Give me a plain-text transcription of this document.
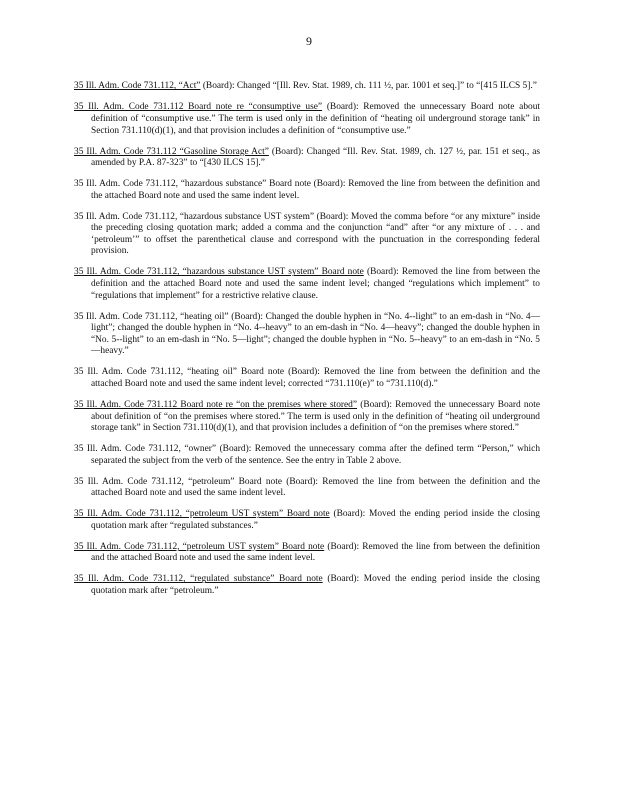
9

35 Ill. Adm. Code 731.112, “Act” (Board): Changed “[Ill. Rev. Stat. 1989, ch. 111 ½, par. 1001 et seq.]” to “[415 ILCS 5].”

35 Ill. Adm. Code 731.112 Board note re “consumptive use” (Board): Removed the unnecessary Board note about definition of “consumptive use.” The term is used only in the definition of “heating oil underground storage tank” in Section 731.110(d)(1), and that provision includes a definition of “consumptive use.”

35 Ill. Adm. Code 731.112 “Gasoline Storage Act” (Board): Changed “Ill. Rev. Stat. 1989, ch. 127 ½, par. 151 et seq., as amended by P.A. 87-323” to “[430 ILCS 15].”

35 Ill. Adm. Code 731.112, “hazardous substance” Board note (Board): Removed the line from between the definition and the attached Board note and used the same indent level.

35 Ill. Adm. Code 731.112, “hazardous substance UST system” (Board): Moved the comma before “or any mixture” inside the preceding closing quotation mark; added a comma and the conjunction “and” after “or any mixture of . . . and ‘petroleum’” to offset the parenthetical clause and correspond with the punctuation in the corresponding federal provision.

35 Ill. Adm. Code 731.112, “hazardous substance UST system” Board note (Board): Removed the line from between the definition and the attached Board note and used the same indent level; changed “regulations which implement” to “regulations that implement” for a restrictive relative clause.

35 Ill. Adm. Code 731.112, “heating oil” (Board): Changed the double hyphen in “No. 4--light” to an em-dash in “No. 4—light”; changed the double hyphen in “No. 4--heavy” to an em-dash in “No. 4—heavy”; changed the double hyphen in “No. 5--light” to an em-dash in “No. 5—light”; changed the double hyphen in “No. 5--heavy” to an em-dash in “No. 5—heavy.”

35 Ill. Adm. Code 731.112, “heating oil” Board note (Board): Removed the line from between the definition and the attached Board note and used the same indent level; corrected “731.110(e)” to “731.110(d).”

35 Ill. Adm. Code 731.112 Board note re “on the premises where stored” (Board): Removed the unnecessary Board note about definition of “on the premises where stored.” The term is used only in the definition of “heating oil underground storage tank” in Section 731.110(d)(1), and that provision includes a definition of “on the premises where stored.”

35 Ill. Adm. Code 731.112, “owner” (Board): Removed the unnecessary comma after the defined term “Person,” which separated the subject from the verb of the sentence. See the entry in Table 2 above.

35 Ill. Adm. Code 731.112, “petroleum” Board note (Board): Removed the line from between the definition and the attached Board note and used the same indent level.

35 Ill. Adm. Code 731.112, “petroleum UST system” Board note (Board): Moved the ending period inside the closing quotation mark after “regulated substances.”

35 Ill. Adm. Code 731.112, “petroleum UST system” Board note (Board): Removed the line from between the definition and the attached Board note and used the same indent level.

35 Ill. Adm. Code 731.112, “regulated substance” Board note (Board): Moved the ending period inside the closing quotation mark after “petroleum.”
